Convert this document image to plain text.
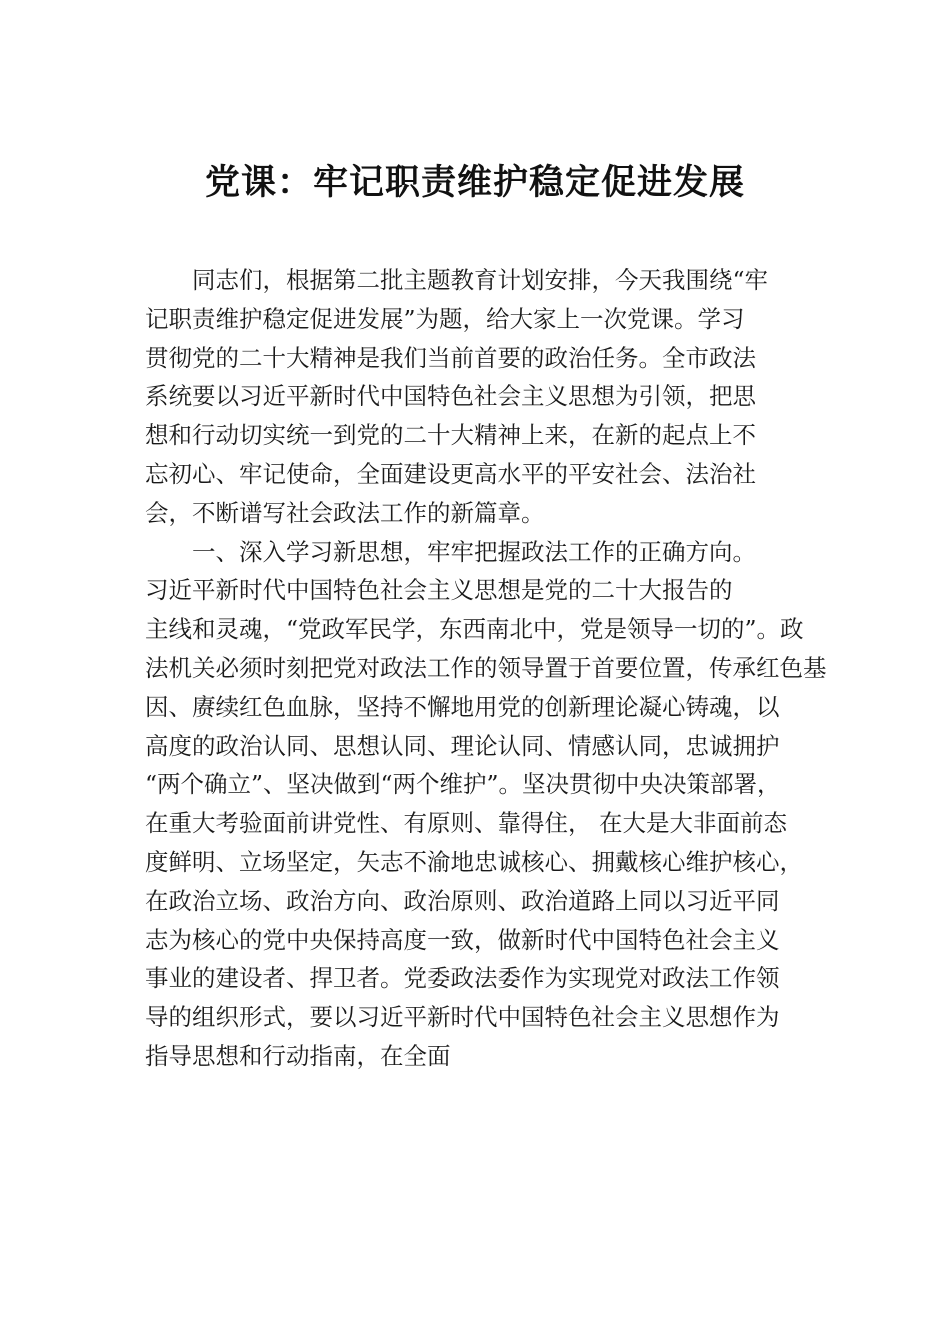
党课：牢记职责维护稳定促进发展
同志们，根据第二批主题教育计划安排，今天我围绕“牢
记职责维护稳定促进发展”为题，给大家上一次党课。学习
贯彻党的二十大精神是我们当前首要的政治任务。全市政法
系统要以习近平新时代中国特色社会主义思想为引领，把思
想和行动切实统一到党的二十大精神上来，在新的起点上不
忘初心、牢记使命，全面建设更高水平的平安社会、法治社
会，不断谱写社会政法工作的新篇章。
一、深入学习新思想，牢牢把握政法工作的正确方向。
习近平新时代中国特色社会主义思想是党的二十大报告的
主线和灵魂，“党政军民学，东西南北中，党是领导一切的”。政
法机关必须时刻把党对政法工作的领导置于首要位置，传承红色基
因、赓续红色血脉，坚持不懈地用党的创新理论凝心铸魂，以
高度的政治认同、思想认同、理论认同、情感认同，忠诚拥护
“两个确立”、坚决做到“两个维护”。坚决贯彻中央决策部署，
在重大考验面前讲党性、有原则、靠得住， 在大是大非面前态
度鲜明、立场坚定，矢志不渝地忠诚核心、拥戴核心维护核心，
在政治立场、政治方向、政治原则、政治道路上同以习近平同
志为核心的党中央保持高度一致，做新时代中国特色社会主义
事业的建设者、捍卫者。党委政法委作为实现党对政法工作领
导的组织形式，要以习近平新时代中国特色社会主义思想作为
指导思想和行动指南，在全面
